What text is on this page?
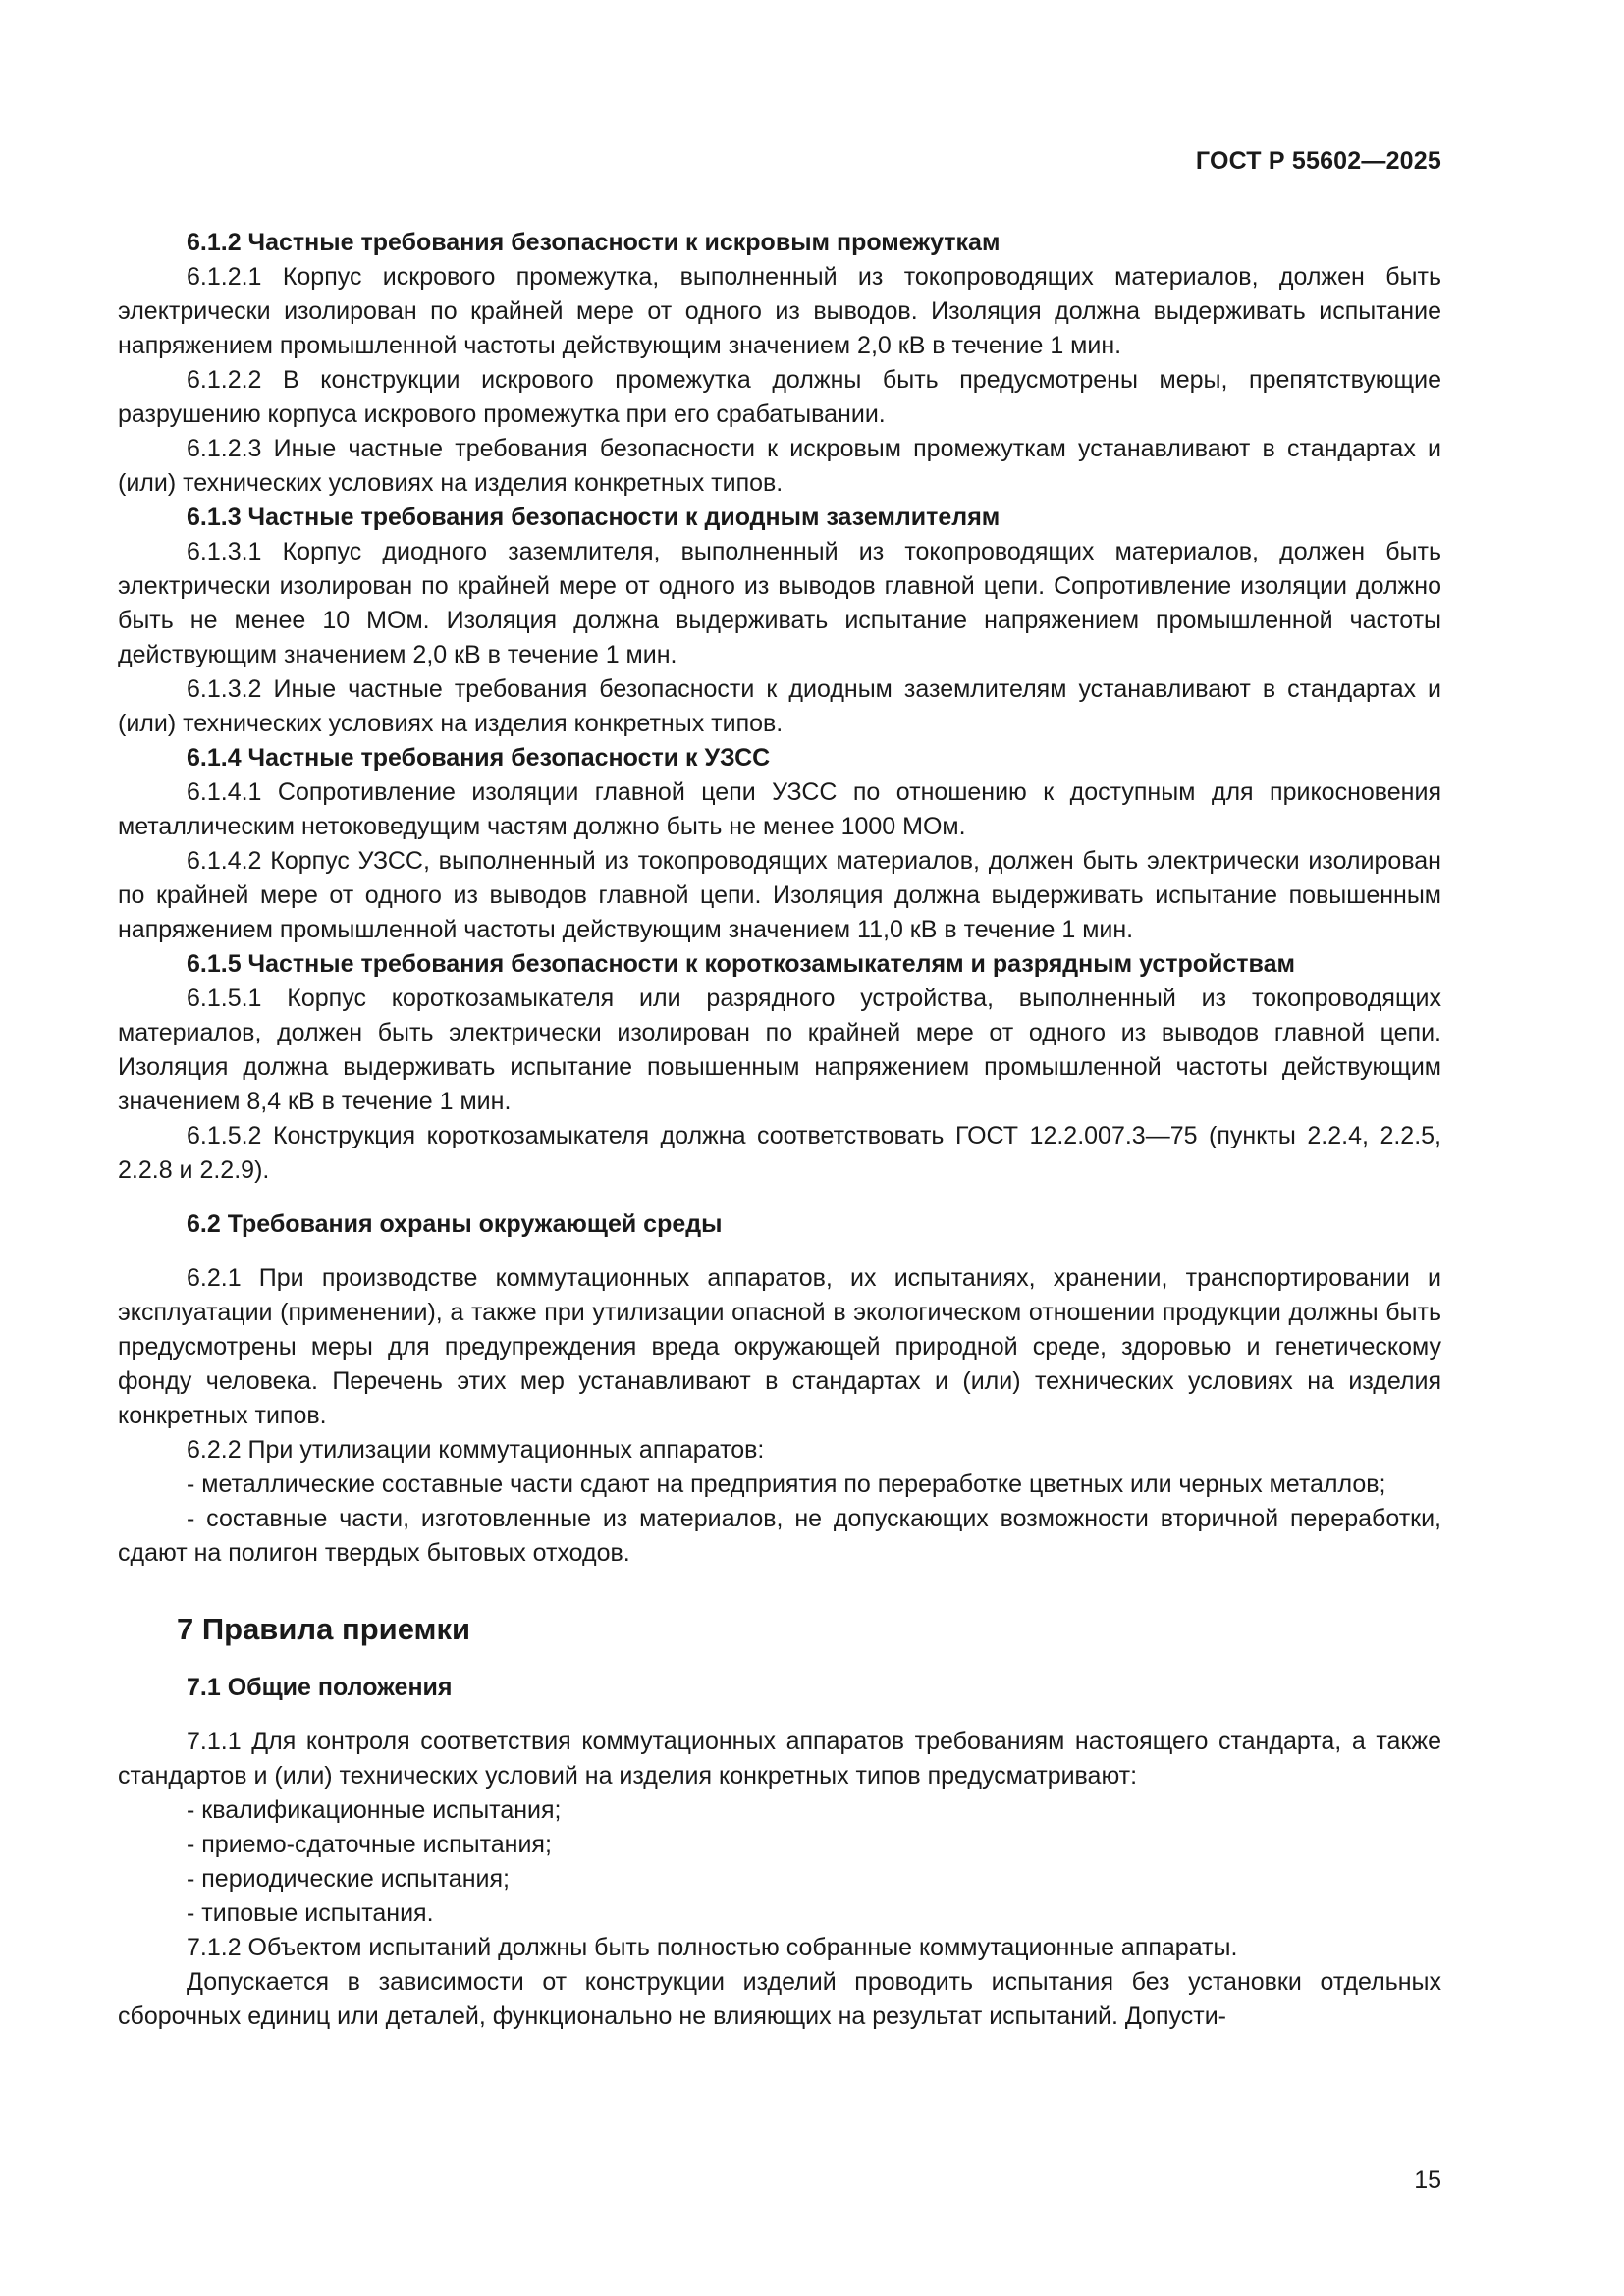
ГОСТ Р 55602—2025
6.1.2 Частные требования безопасности к искровым промежуткам
6.1.2.1 Корпус искрового промежутка, выполненный из токопроводящих материалов, должен быть электрически изолирован по крайней мере от одного из выводов. Изоляция должна выдерживать испытание напряжением промышленной частоты действующим значением 2,0 кВ в течение 1 мин.
6.1.2.2 В конструкции искрового промежутка должны быть предусмотрены меры, препятствующие разрушению корпуса искрового промежутка при его срабатывании.
6.1.2.3 Иные частные требования безопасности к искровым промежуткам устанавливают в стандартах и (или) технических условиях на изделия конкретных типов.
6.1.3 Частные требования безопасности к диодным заземлителям
6.1.3.1 Корпус диодного заземлителя, выполненный из токопроводящих материалов, должен быть электрически изолирован по крайней мере от одного из выводов главной цепи. Сопротивление изоляции должно быть не менее 10 МОм. Изоляция должна выдерживать испытание напряжением промышленной частоты действующим значением 2,0 кВ в течение 1 мин.
6.1.3.2 Иные частные требования безопасности к диодным заземлителям устанавливают в стандартах и (или) технических условиях на изделия конкретных типов.
6.1.4 Частные требования безопасности к УЗСС
6.1.4.1 Сопротивление изоляции главной цепи УЗСС по отношению к доступным для прикосновения металлическим нетоковедущим частям должно быть не менее 1000 МОм.
6.1.4.2 Корпус УЗСС, выполненный из токопроводящих материалов, должен быть электрически изолирован по крайней мере от одного из выводов главной цепи. Изоляция должна выдерживать испытание повышенным напряжением промышленной частоты действующим значением 11,0 кВ в течение 1 мин.
6.1.5 Частные требования безопасности к короткозамыкателям и разрядным устройствам
6.1.5.1 Корпус короткозамыкателя или разрядного устройства, выполненный из токопроводящих материалов, должен быть электрически изолирован по крайней мере от одного из выводов главной цепи. Изоляция должна выдерживать испытание повышенным напряжением промышленной частоты действующим значением 8,4 кВ в течение 1 мин.
6.1.5.2 Конструкция короткозамыкателя должна соответствовать ГОСТ 12.2.007.3—75 (пункты 2.2.4, 2.2.5, 2.2.8 и 2.2.9).
6.2 Требования охраны окружающей среды
6.2.1 При производстве коммутационных аппаратов, их испытаниях, хранении, транспортировании и эксплуатации (применении), а также при утилизации опасной в экологическом отношении продукции должны быть предусмотрены меры для предупреждения вреда окружающей природной среде, здоровью и генетическому фонду человека. Перечень этих мер устанавливают в стандартах и (или) технических условиях на изделия конкретных типов.
6.2.2 При утилизации коммутационных аппаратов:
- металлические составные части сдают на предприятия по переработке цветных или черных металлов;
- составные части, изготовленные из материалов, не допускающих возможности вторичной переработки, сдают на полигон твердых бытовых отходов.
7 Правила приемки
7.1 Общие положения
7.1.1 Для контроля соответствия коммутационных аппаратов требованиям настоящего стандарта, а также стандартов и (или) технических условий на изделия конкретных типов предусматривают:
- квалификационные испытания;
- приемо-сдаточные испытания;
- периодические испытания;
- типовые испытания.
7.1.2 Объектом испытаний должны быть полностью собранные коммутационные аппараты.
Допускается в зависимости от конструкции изделий проводить испытания без установки отдельных сборочных единиц или деталей, функционально не влияющих на результат испытаний. Допусти-
15
